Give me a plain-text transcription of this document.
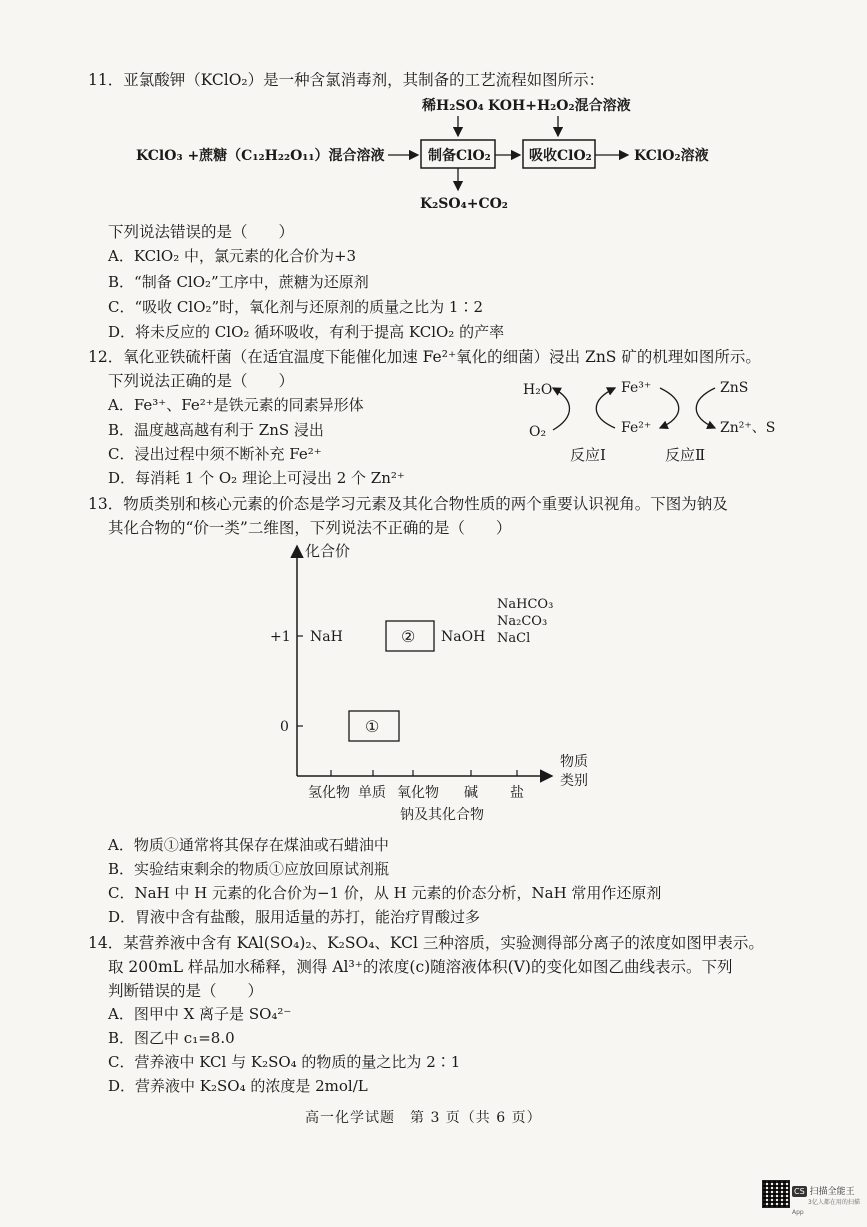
11．亚氯酸钾（KClO₂）是一种含氯消毒剂，其制备的工艺流程如图所示：
稀H₂SO₄ KOH+H₂O₂混合溶液
KClO₃ +蔗糖（C₁₂H₂₂O₁₁）混合溶液	制备ClO₂	吸收ClO₂	KClO₂溶液
K₂SO₄+CO₂
下列说法错误的是（　　）
A．KClO₂ 中，氯元素的化合价为+3
B．“制备 ClO₂”工序中，蔗糖为还原剂
C．“吸收 ClO₂”时，氧化剂与还原剂的质量之比为 1∶2
D．将未反应的 ClO₂ 循环吸收，有利于提高 KClO₂ 的产率
12．氧化亚铁硫杆菌（在适宜温度下能催化加速 Fe²⁺氧化的细菌）浸出 ZnS 矿的机理如图所示。
下列说法正确的是（　　）
A．Fe³⁺、Fe²⁺是铁元素的同素异形体
B．温度越高越有利于 ZnS 浸出
C．浸出过程中须不断补充 Fe²⁺
D．每消耗 1 个 O₂ 理论上可浸出 2 个 Zn²⁺
H₂O
O₂
Fe³⁺
Fe²⁺
ZnS
Zn²⁺、S
反应Ⅰ	反应Ⅱ
13．物质类别和核心元素的价态是学习元素及其化合物性质的两个重要认识视角。下图为钠及
其化合物的“价一类”二维图，下列说法不正确的是（　　）
化合价
物质
类别
+1
0
氢化物 单质 氧化物 碱 盐
钠及其化合物
NaH	② NaOH
NaHCO₃
Na₂CO₃
NaCl
①
A．物质①通常将其保存在煤油或石蜡油中
B．实验结束剩余的物质①应放回原试剂瓶
C．NaH 中 H 元素的化合价为−1 价，从 H 元素的价态分析，NaH 常用作还原剂
D．胃液中含有盐酸，服用适量的苏打，能治疗胃酸过多
14．某营养液中含有 KAl(SO₄)₂、K₂SO₄、KCl 三种溶质，实验测得部分离子的浓度如图甲表示。
取 200mL 样品加水稀释，测得 Al³⁺的浓度(c)随溶液体积(V)的变化如图乙曲线表示。下列
判断错误的是（　　）
A．图甲中 X 离子是 SO₄²⁻
B．图乙中 c₁=8.0
C．营养液中 KCl 与 K₂SO₄ 的物质的量之比为 2∶1
D．营养液中 K₂SO₄ 的浓度是 2mol/L
高一化学试题　第 3 页（共 6 页）
CS 扫描全能王
3亿人都在用的扫描App
